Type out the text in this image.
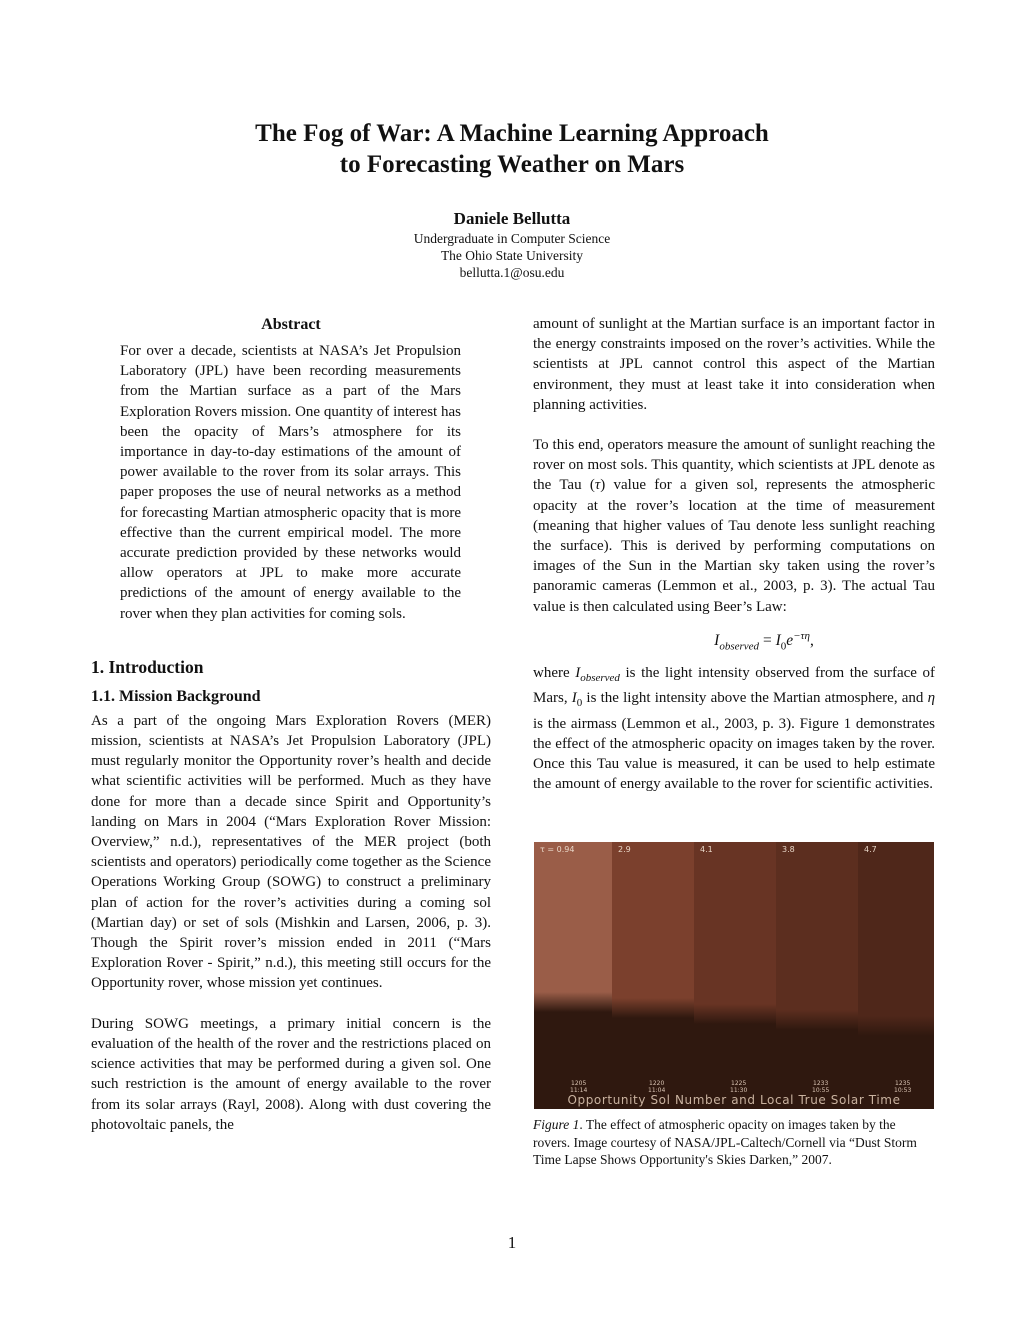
The Fog of War: A Machine Learning Approach
to Forecasting Weather on Mars
Daniele Bellutta
Undergraduate in Computer Science
The Ohio State University
bellutta.1@osu.edu
Abstract
For over a decade, scientists at NASA’s Jet Propulsion Laboratory (JPL) have been recording measurements from the Martian surface as a part of the Mars Exploration Rovers mission. One quantity of interest has been the opacity of Mars’s atmosphere for its importance in day-to-day estimations of the amount of power available to the rover from its solar arrays. This paper proposes the use of neural networks as a method for forecasting Martian atmospheric opacity that is more effective than the current empirical model. The more accurate prediction provided by these networks would allow operators at JPL to make more accurate predictions of the amount of energy available to the rover when they plan activities for coming sols.
1. Introduction
1.1. Mission Background

As a part of the ongoing Mars Exploration Rovers (MER) mission, scientists at NASA’s Jet Propulsion Laboratory (JPL) must regularly monitor the Opportunity rover’s health and decide what scientific activities will be performed. Much as they have done for more than a decade since Spirit and Opportunity’s landing on Mars in 2004 (“Mars Exploration Rover Mission: Overview,” n.d.), representatives of the MER project (both scientists and operators) periodically come together as the Science Operations Working Group (SOWG) to construct a preliminary plan of action for the rover’s activities during a coming sol (Martian day) or set of sols (Mishkin and Larsen, 2006, p. 3). Though the Spirit rover’s mission ended in 2011 (“Mars Exploration Rover - Spirit,” n.d.), this meeting still occurs for the Opportunity rover, whose mission yet continues.

During SOWG meetings, a primary initial concern is the evaluation of the health of the rover and the restrictions placed on science activities that may be performed during a given sol. One such restriction is the amount of energy available to the rover from its solar arrays (Rayl, 2008). Along with dust covering the photovoltaic panels, the

amount of sunlight at the Martian surface is an important factor in the energy constraints imposed on the rover’s activities. While the scientists at JPL cannot control this aspect of the Martian environment, they must at least take it into consideration when planning activities.

To this end, operators measure the amount of sunlight reaching the rover on most sols. This quantity, which scientists at JPL denote as the Tau (τ) value for a given sol, represents the atmospheric opacity at the rover’s location at the time of measurement (meaning that higher values of Tau denote less sunlight reaching the surface). This is derived by performing computations on images of the Sun in the Martian sky taken using the rover’s panoramic cameras (Lemmon et al., 2003, p. 3). The actual Tau value is then calculated using Beer’s Law:

$I_{observed} = I_0e^{-\tau\eta}$,

where $I_{observed}$ is the light intensity observed from the surface of Mars, $I_0$ is the light intensity above the Martian atmosphere, and η is the airmass (Lemmon et al., 2003, p. 3). Figure 1 demonstrates the effect of the atmospheric opacity on images taken by the rover. Once this Tau value is measured, it can be used to help estimate the amount of energy available to the rover for scientific activities.

τ = 0.94
1205
11:14
2.9
1220
11:04
4.1
1225
11:30
3.8
1233
10:55
4.7
1235
10:53
Opportunity Sol Number and Local True Solar Time
Figure 1. The effect of atmospheric opacity on images taken by the rovers. Image courtesy of NASA/JPL-Caltech/Cornell via “Dust Storm Time Lapse Shows Opportunity's Skies Darken,” 2007.
1
